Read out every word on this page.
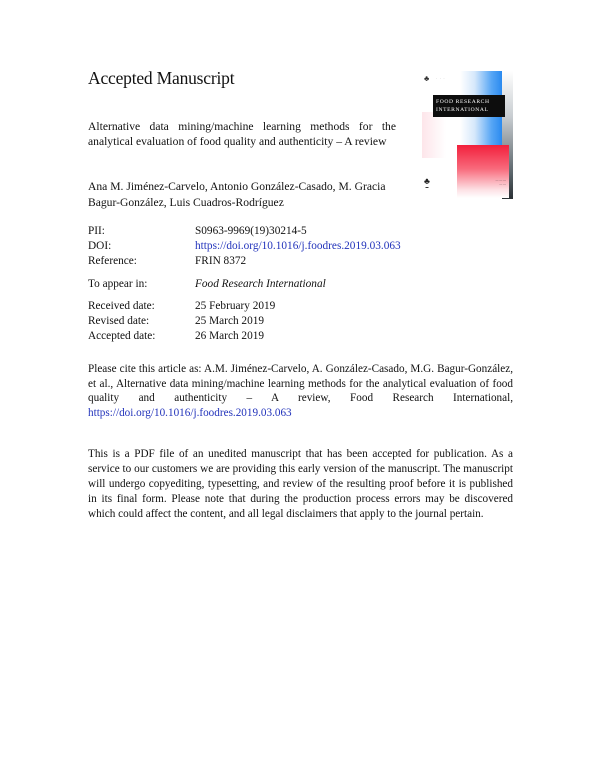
Accepted Manuscript
Alternative data mining/machine learning methods for the analytical evaluation of food quality and authenticity – A review
Ana M. Jiménez-Carvelo, Antonio González-Casado, M. Gracia Bagur-González, Luis Cuadros-Rodríguez
PII:	S0963-9969(19)30214-5
DOI:	https://doi.org/10.1016/j.foodres.2019.03.063
Reference:	FRIN 8372
To appear in:	Food Research International
Received date:	25 February 2019
Revised date:	25 March 2019
Accepted date:	26 March 2019
Please cite this article as: A.M. Jiménez-Carvelo, A. González-Casado, M.G. Bagur-González, et al., Alternative data mining/machine learning methods for the analytical evaluation of food quality and authenticity – A review, Food Research International, https://doi.org/10.1016/j.foodres.2019.03.063
This is a PDF file of an unedited manuscript that has been accepted for publication. As a service to our customers we are providing this early version of the manuscript. The manuscript will undergo copyediting, typesetting, and review of the resulting proof before it is published in its final form. Please note that during the production process errors may be discovered which could affect the content, and all legal disclaimers that apply to the journal pertain.
♣	· · ·
FOOD RESEARCH
INTERNATIONAL
— — —
— —
♣
▬
